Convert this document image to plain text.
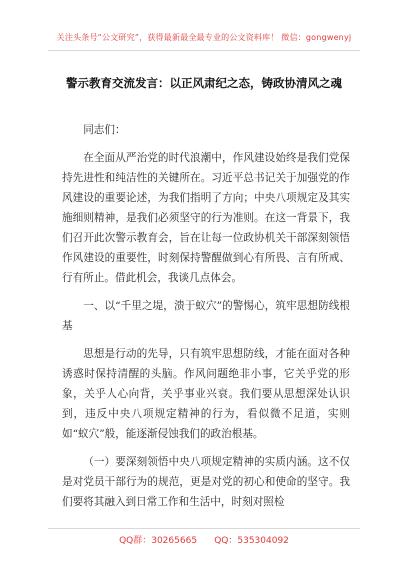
关注头条号“公文研究”，获得最新最全最专业的公文资料库！ 微信：gongwenyj
警示教育交流发言：以正风肃纪之态，铸政协清风之魂

同志们：

在全面从严治党的时代浪潮中，作风建设始终是我们党保持先进性和纯洁性的关键所在。习近平总书记关于加强党的作风建设的重要论述，为我们指明了方向；中央八项规定及其实施细则精神，是我们必须坚守的行为准则。在这一背景下，我们召开此次警示教育会，旨在让每一位政协机关干部深刻领悟作风建设的重要性，时刻保持警醒做到心有所畏、言有所戒、行有所止。借此机会，我谈几点体会。

一、以“千里之堤，溃于蚁穴”的警惕心，筑牢思想防线根基

思想是行动的先导，只有筑牢思想防线，才能在面对各种诱惑时保持清醒的头脑。作风问题绝非小事，它关乎党的形象，关乎人心向背，关乎事业兴衰。我们要从思想深处认识到，违反中央八项规定精神的行为，看似微不足道，实则如“蚁穴”般，能逐渐侵蚀我们的政治根基。

（一）要深刻领悟中央八项规定精神的实质内涵。这不仅是对党员干部行为的规范，更是对党的初心和使命的坚守。我们要将其融入到日常工作和生活中，时刻对照检

QQ群：30265665      QQ：535304092
